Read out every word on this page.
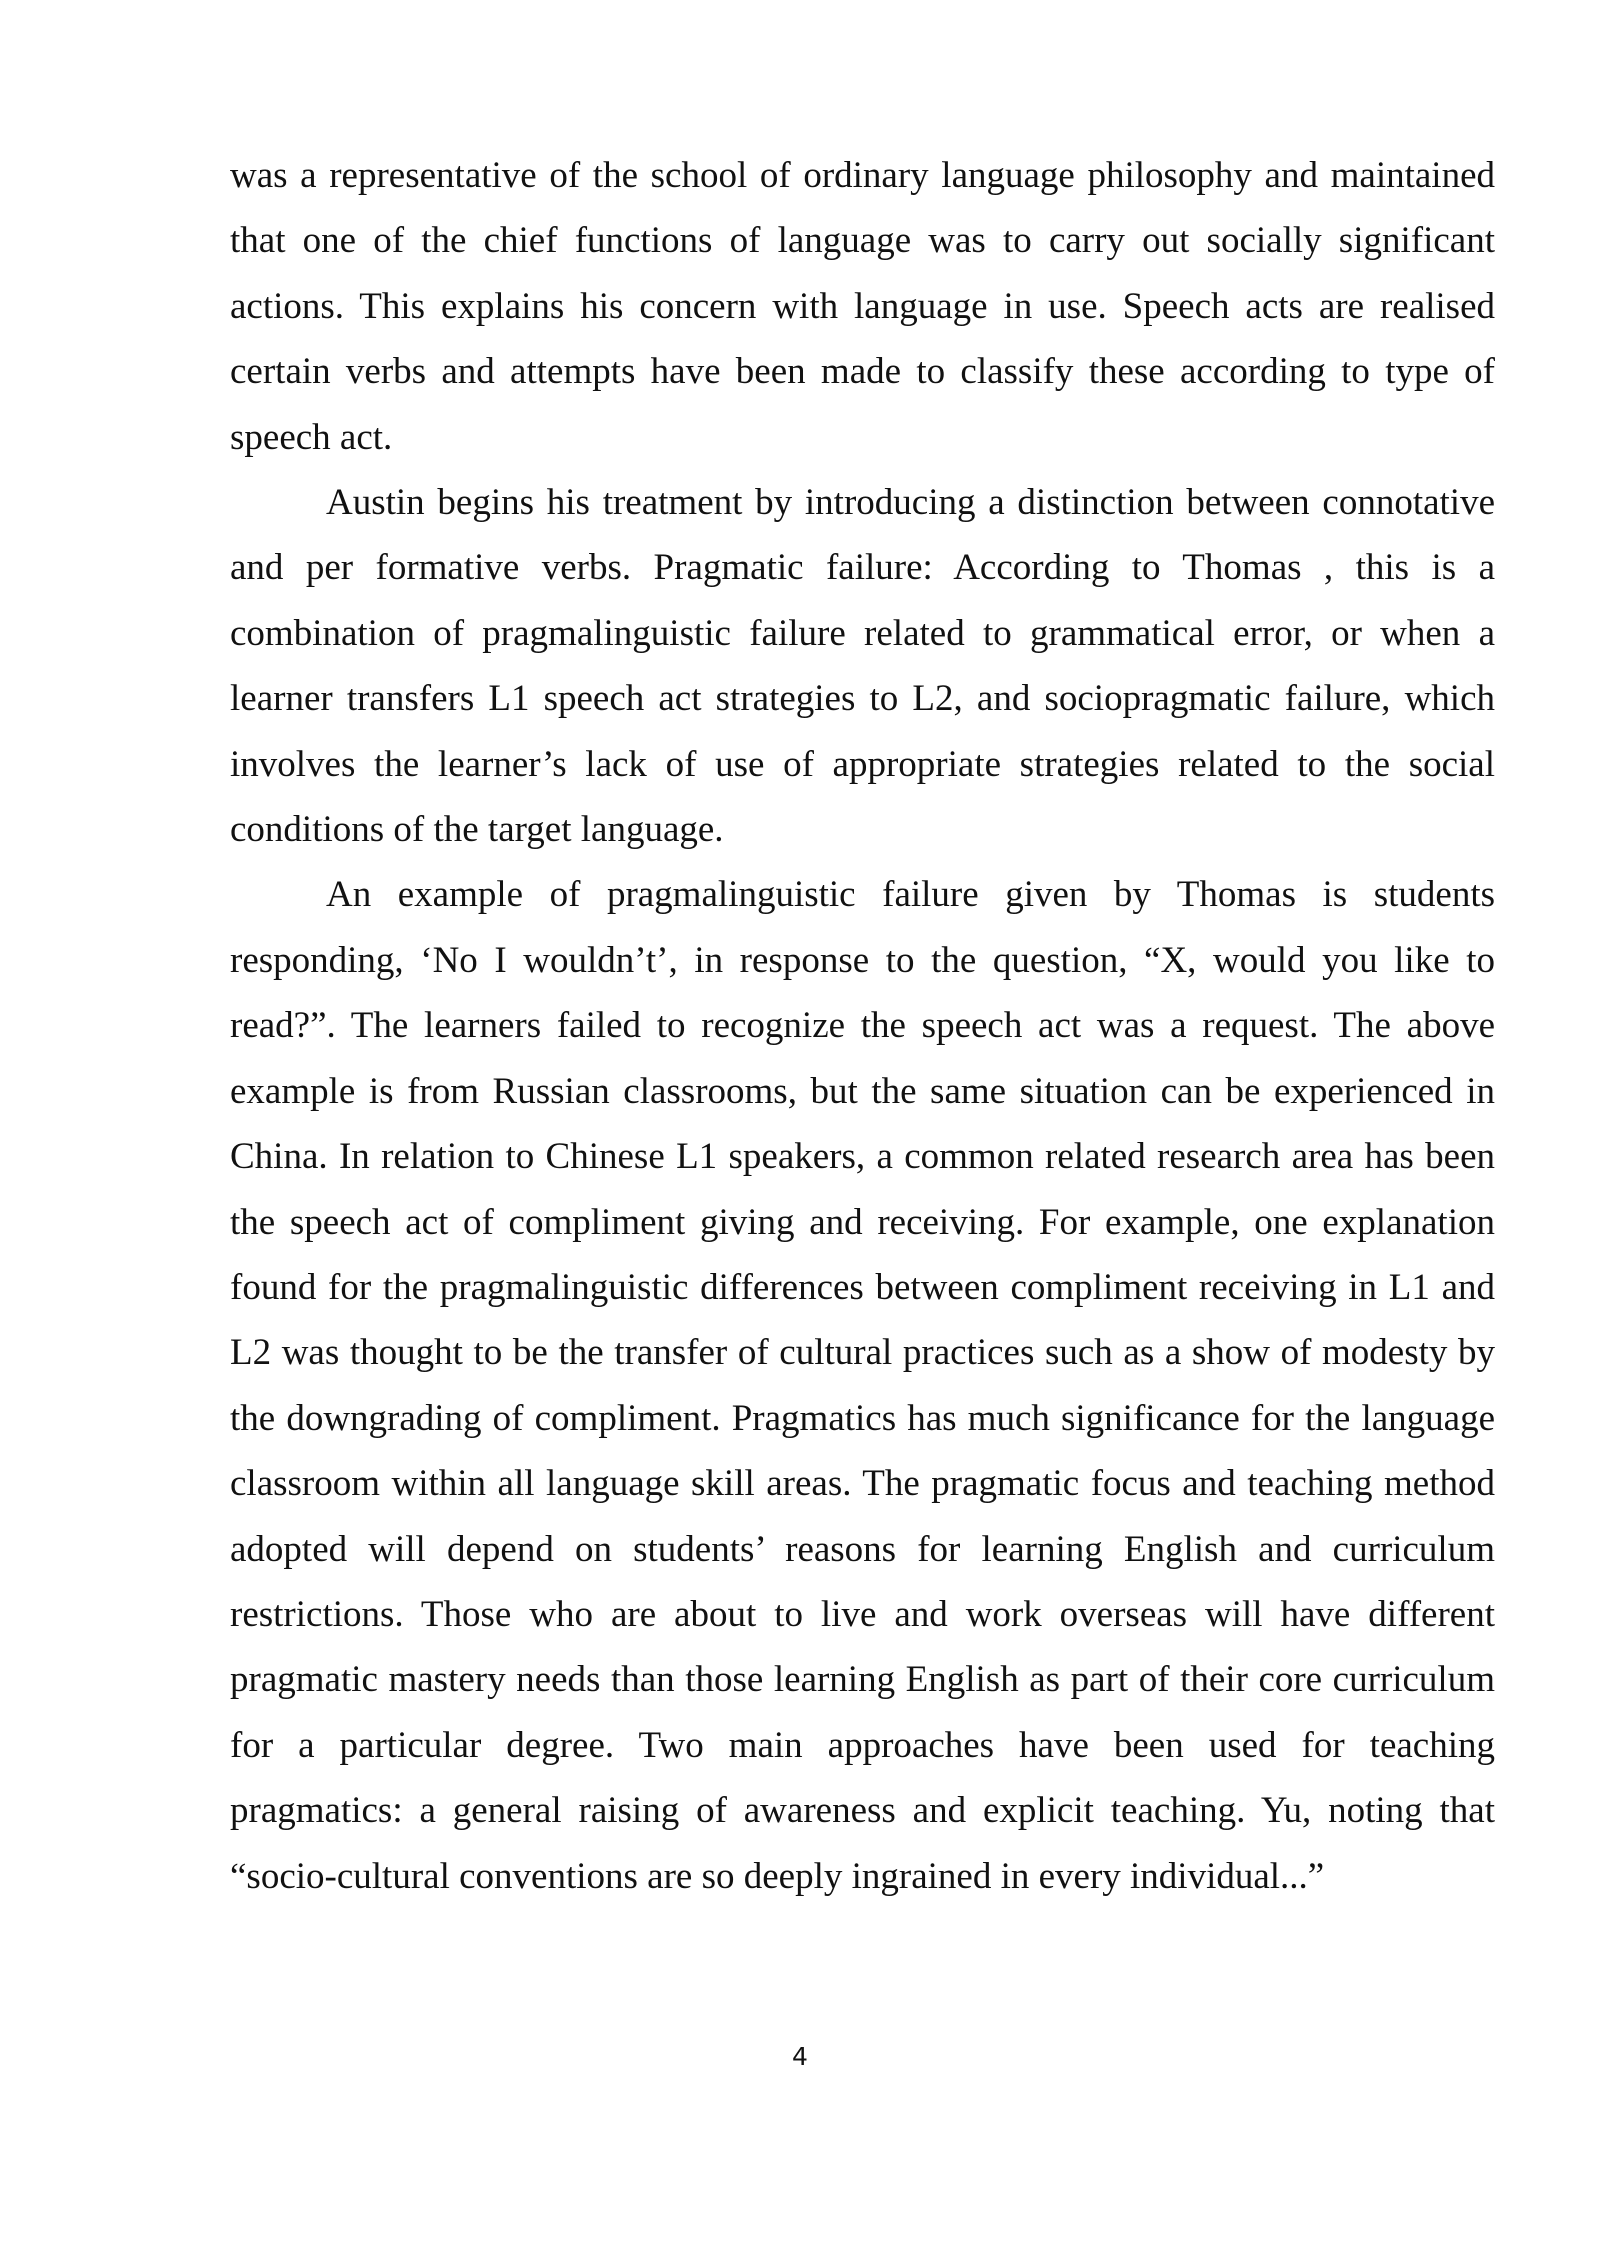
was a representative of the school of ordinary language philosophy and maintained that one of the chief functions of language was to carry out socially significant actions. This explains his concern with language in use. Speech acts are realised certain verbs and attempts have been made to classify these according to type of speech act.

Austin begins his treatment by introducing a distinction between connotative and per formative verbs. Pragmatic failure: According to Thomas , this is a combination of pragmalinguistic failure related to grammatical error, or when a learner transfers L1 speech act strategies to L2, and sociopragmatic failure, which involves the learner’s lack of use of appropriate strategies related to the social conditions of the target language.

An example of pragmalinguistic failure given by Thomas is students responding, ‘No I wouldn’t’, in response to the question, “X, would you like to read?”. The learners failed to recognize the speech act was a request. The above example is from Russian classrooms, but the same situation can be experienced in China. In relation to Chinese L1 speakers, a common related research area has been the speech act of compliment giving and receiving. For example, one explanation found for the pragmalinguistic differences between compliment receiving in L1 and L2 was thought to be the transfer of cultural practices such as a show of modesty by the downgrading of compliment. Pragmatics has much significance for the language classroom within all language skill areas. The pragmatic focus and teaching method adopted will depend on students’ reasons for learning English and curriculum restrictions. Those who are about to live and work overseas will have different pragmatic mastery needs than those learning English as part of their core curriculum for a particular degree. Two main approaches have been used for teaching pragmatics: a general raising of awareness and explicit teaching. Yu, noting that “socio-cultural conventions are so deeply ingrained in every individual...”

4
